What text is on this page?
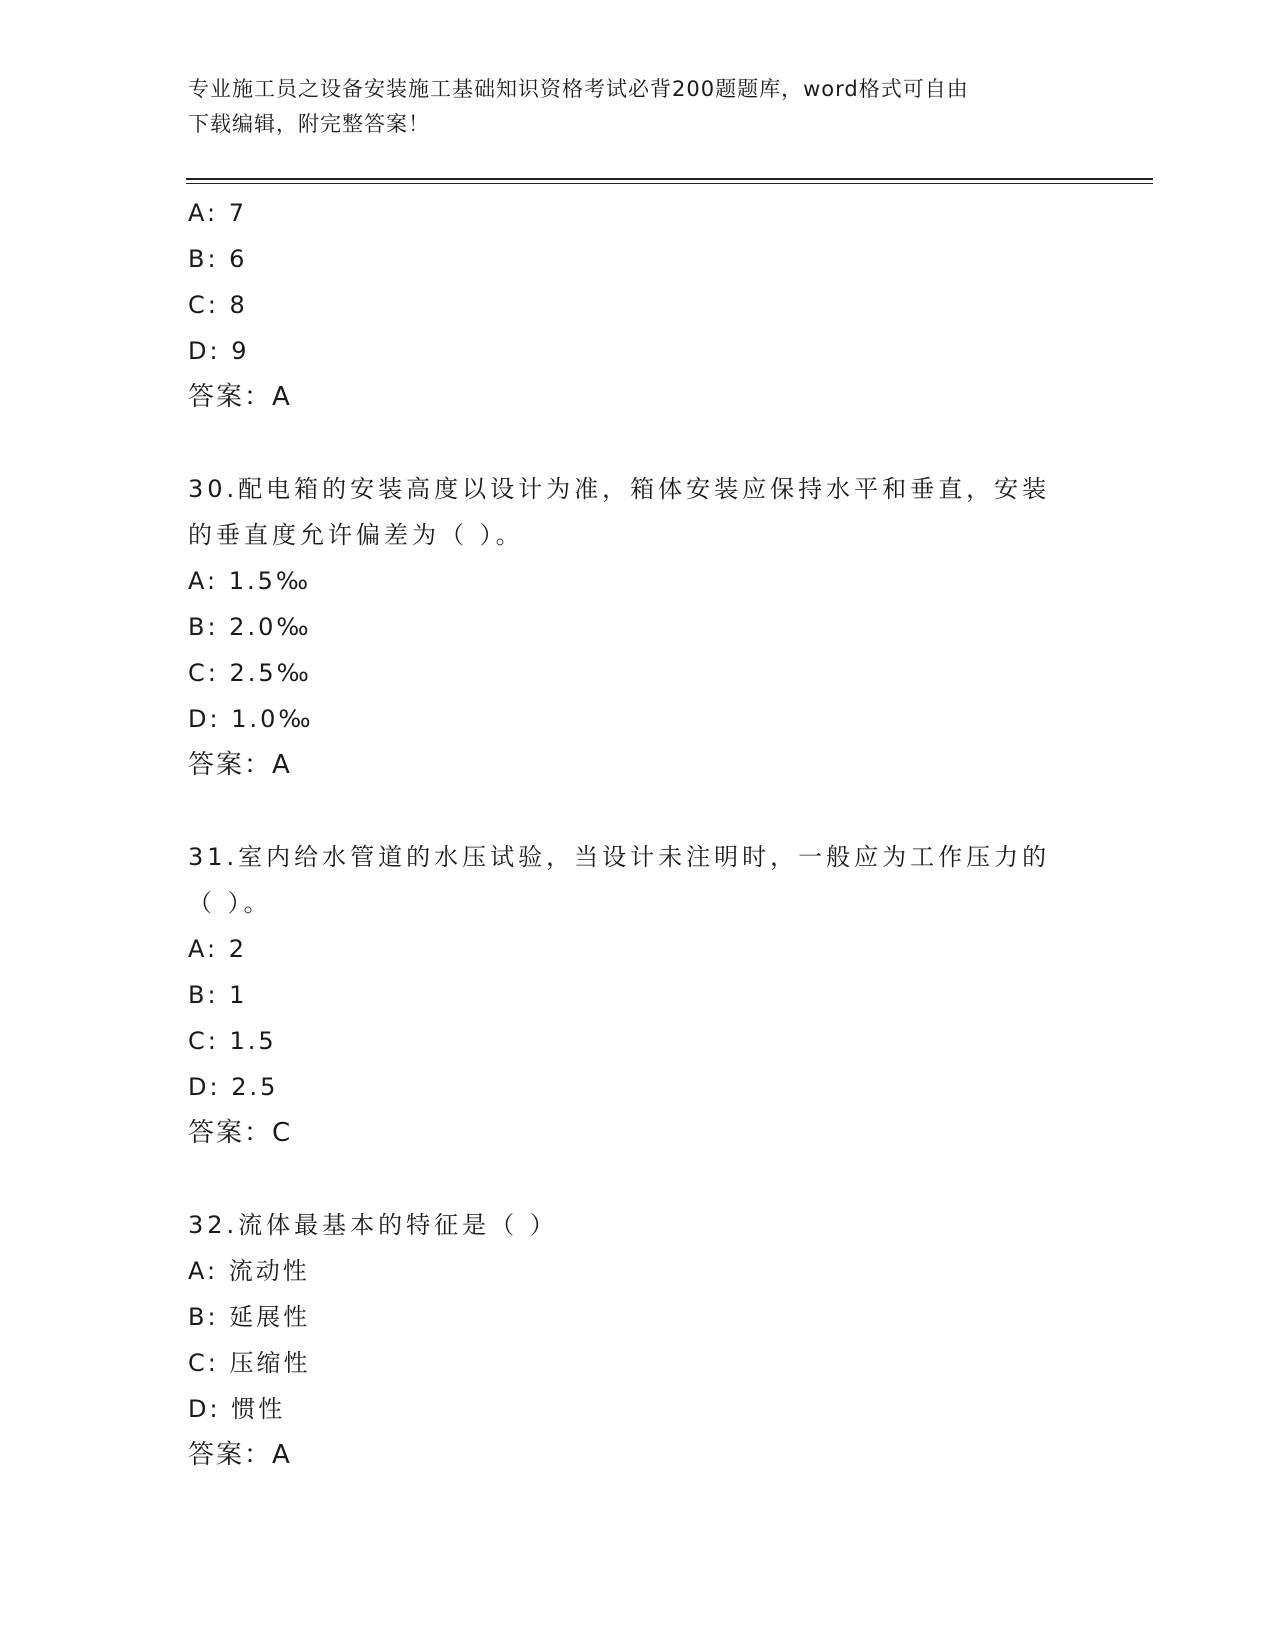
专业施工员之设备安装施工基础知识资格考试必背200题题库，word格式可自由
下载编辑，附完整答案！
A: 7
B: 6
C: 8
D: 9
答案：A
30.配电箱的安装高度以设计为准，箱体安装应保持水平和垂直，安装
的垂直度允许偏差为（ ）。
A: 1.5‰
B: 2.0‰
C: 2.5‰
D: 1.0‰
答案：A
31.室内给水管道的水压试验，当设计未注明时，一般应为工作压力的
（ ）。
A: 2
B: 1
C: 1.5
D: 2.5
答案：C
32.流体最基本的特征是（ ）
A: 流动性
B: 延展性
C: 压缩性
D: 惯性
答案：A
